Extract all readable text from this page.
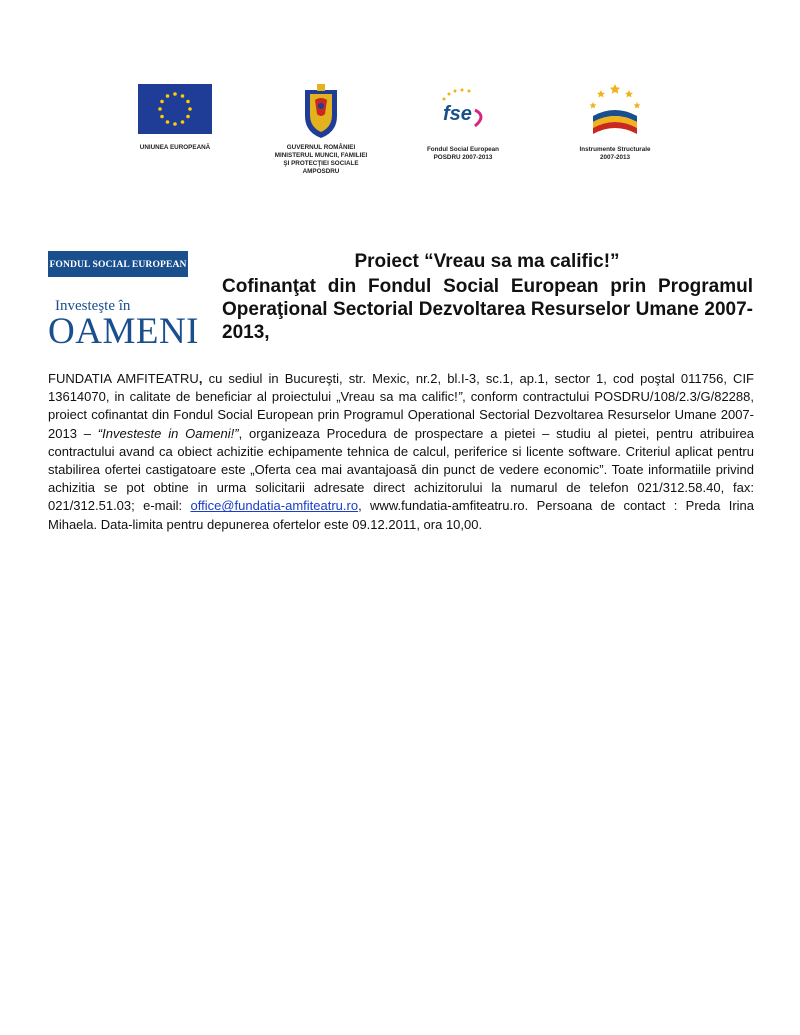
UNIUNEA EUROPEANĂ	GUVERNUL ROMÂNIEI
MINISTERUL MUNCII, FAMILIEI
ŞI PROTECŢIEI SOCIALE
AMPOSDRU
fse
Fondul Social European
POSDRU 2007-2013
Instrumente Structurale
2007-2013
FONDUL SOCIAL EUROPEAN
Investeşte în
OAMENI
Proiect “Vreau sa ma calific!”
Cofinanţat din Fondul Social European prin Programul Operaţional Sectorial Dezvoltarea Resurselor Umane 2007- 2013,
FUNDATIA AMFITEATRU, cu sediul in Bucureşti, str. Mexic, nr.2, bl.I-3, sc.1, ap.1, sector 1, cod poştal 011756, CIF 13614070, in calitate de beneficiar al proiectului „Vreau sa ma calific!”, conform contractului POSDRU/108/2.3/G/82288, proiect cofinantat din Fondul Social European prin Programul Operational Sectorial Dezvoltarea Resurselor Umane 2007-2013 – “Investeste in Oameni!”, organizeaza Procedura de prospectare a pietei – studiu al pietei, pentru atribuirea contractului avand ca obiect achizitie echipamente tehnica de calcul, periferice si licente software. Criteriul aplicat pentru stabilirea ofertei castigatoare este „Oferta cea mai avantajoasă din punct de vedere economic”. Toate informatiile privind achizitia se pot obtine in urma solicitarii adresate direct achizitorului la numarul de telefon 021/312.58.40, fax: 021/312.51.03; e-mail: office@fundatia-amfiteatru.ro, www.fundatia-amfiteatru.ro. Persoana de contact : Preda Irina Mihaela. Data-limita pentru depunerea ofertelor este 09.12.2011, ora 10,00.
